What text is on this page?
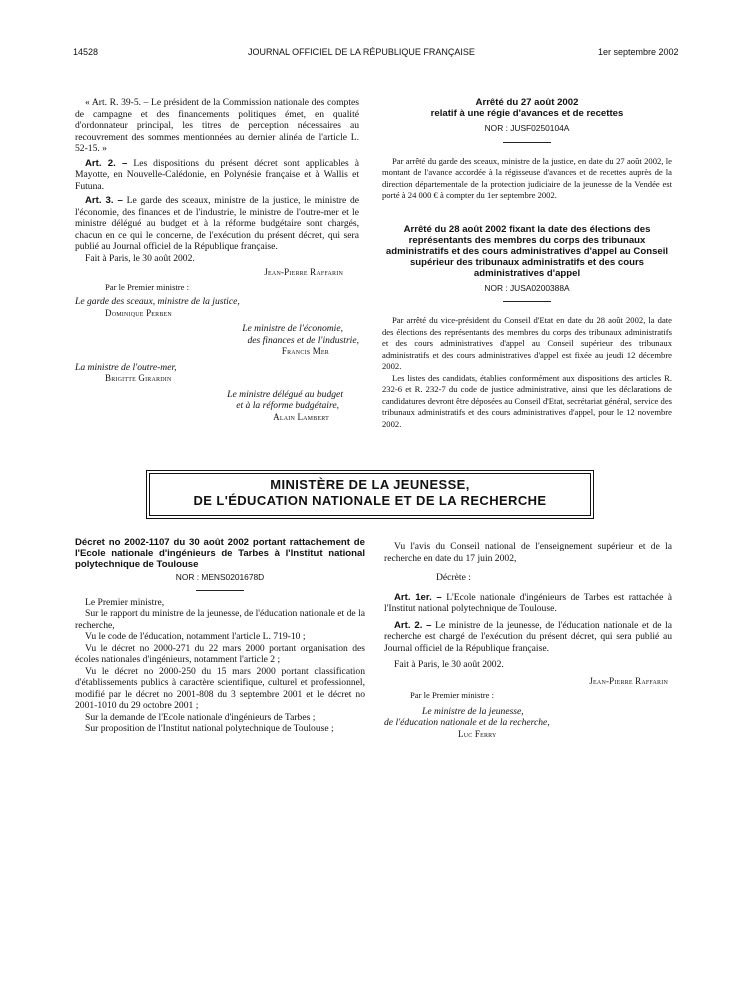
14528	JOURNAL OFFICIEL DE LA RÉPUBLIQUE FRANÇAISE	1er septembre 2002

« Art. R. 39-5. – Le président de la Commission nationale des comptes de campagne et des financements politiques émet, en qualité d'ordonnateur principal, les titres de perception nécessaires au recouvrement des sommes mentionnées au dernier alinéa de l'article L. 52-15. »

Art. 2. – Les dispositions du présent décret sont applicables à Mayotte, en Nouvelle-Calédonie, en Polynésie française et à Wallis et Futuna.

Art. 3. – Le garde des sceaux, ministre de la justice, le ministre de l'économie, des finances et de l'industrie, le ministre de l'outre-mer et le ministre délégué au budget et à la réforme budgétaire sont chargés, chacun en ce qui le concerne, de l'exécution du présent décret, qui sera publié au Journal officiel de la République française.

Fait à Paris, le 30 août 2002.

Jean-Pierre Raffarin
Par le Premier ministre :
Le garde des sceaux, ministre de la justice,
Dominique Perben
Le ministre de l'économie,
des finances et de l'industrie,
Francis Mer
La ministre de l'outre-mer,
Brigitte Girardin
Le ministre délégué au budget
et à la réforme budgétaire,
Alain Lambert
Arrêté du 27 août 2002
relatif à une régie d'avances et de recettes
NOR : JUSF0250104A

Par arrêté du garde des sceaux, ministre de la justice, en date du 27 août 2002, le montant de l'avance accordée à la régisseuse d'avances et de recettes auprès de la direction départementale de la protection judiciaire de la jeunesse de la Vendée est porté à 24 000 € à compter du 1er septembre 2002.

Arrêté du 28 août 2002 fixant la date des élections des représentants des membres du corps des tribunaux administratifs et des cours administratives d'appel au Conseil supérieur des tribunaux administratifs et des cours administratives d'appel
NOR : JUSA0200388A

Par arrêté du vice-président du Conseil d'Etat en date du 28 août 2002, la date des élections des représentants des membres du corps des tribunaux administratifs et des cours administratives d'appel au Conseil supérieur des tribunaux administratifs et des cours administratives d'appel est fixée au jeudi 12 décembre 2002.

Les listes des candidats, établies conformément aux dispositions des articles R. 232-6 et R. 232-7 du code de justice administrative, ainsi que les déclarations de candidatures devront être déposées au Conseil d'Etat, secrétariat général, service des tribunaux administratifs et des cours administratives d'appel, pour le 12 novembre 2002.

MINISTÈRE DE LA JEUNESSE,
DE L'ÉDUCATION NATIONALE ET DE LA RECHERCHE
Décret no 2002-1107 du 30 août 2002 portant rattachement de l'Ecole nationale d'ingénieurs de Tarbes à l'Institut national polytechnique de Toulouse
NOR : MENS0201678D

Le Premier ministre,

Sur le rapport du ministre de la jeunesse, de l'éducation nationale et de la recherche,

Vu le code de l'éducation, notamment l'article L. 719-10 ;

Vu le décret no 2000-271 du 22 mars 2000 portant organisation des écoles nationales d'ingénieurs, notamment l'article 2 ;

Vu le décret no 2000-250 du 15 mars 2000 portant classification d'établissements publics à caractère scientifique, culturel et professionnel, modifié par le décret no 2001-808 du 3 septembre 2001 et le décret no 2001-1010 du 29 octobre 2001 ;

Sur la demande de l'Ecole nationale d'ingénieurs de Tarbes ;

Sur proposition de l'Institut national polytechnique de Toulouse ;

Vu l'avis du Conseil national de l'enseignement supérieur et de la recherche en date du 17 juin 2002,

Décrète :

Art. 1er. – L'Ecole nationale d'ingénieurs de Tarbes est rattachée à l'Institut national polytechnique de Toulouse.

Art. 2. – Le ministre de la jeunesse, de l'éducation nationale et de la recherche est chargé de l'exécution du présent décret, qui sera publié au Journal officiel de la République française.

Fait à Paris, le 30 août 2002.

Jean-Pierre Raffarin
Par le Premier ministre :
Le ministre de la jeunesse,
de l'éducation nationale et de la recherche,
Luc Ferry
